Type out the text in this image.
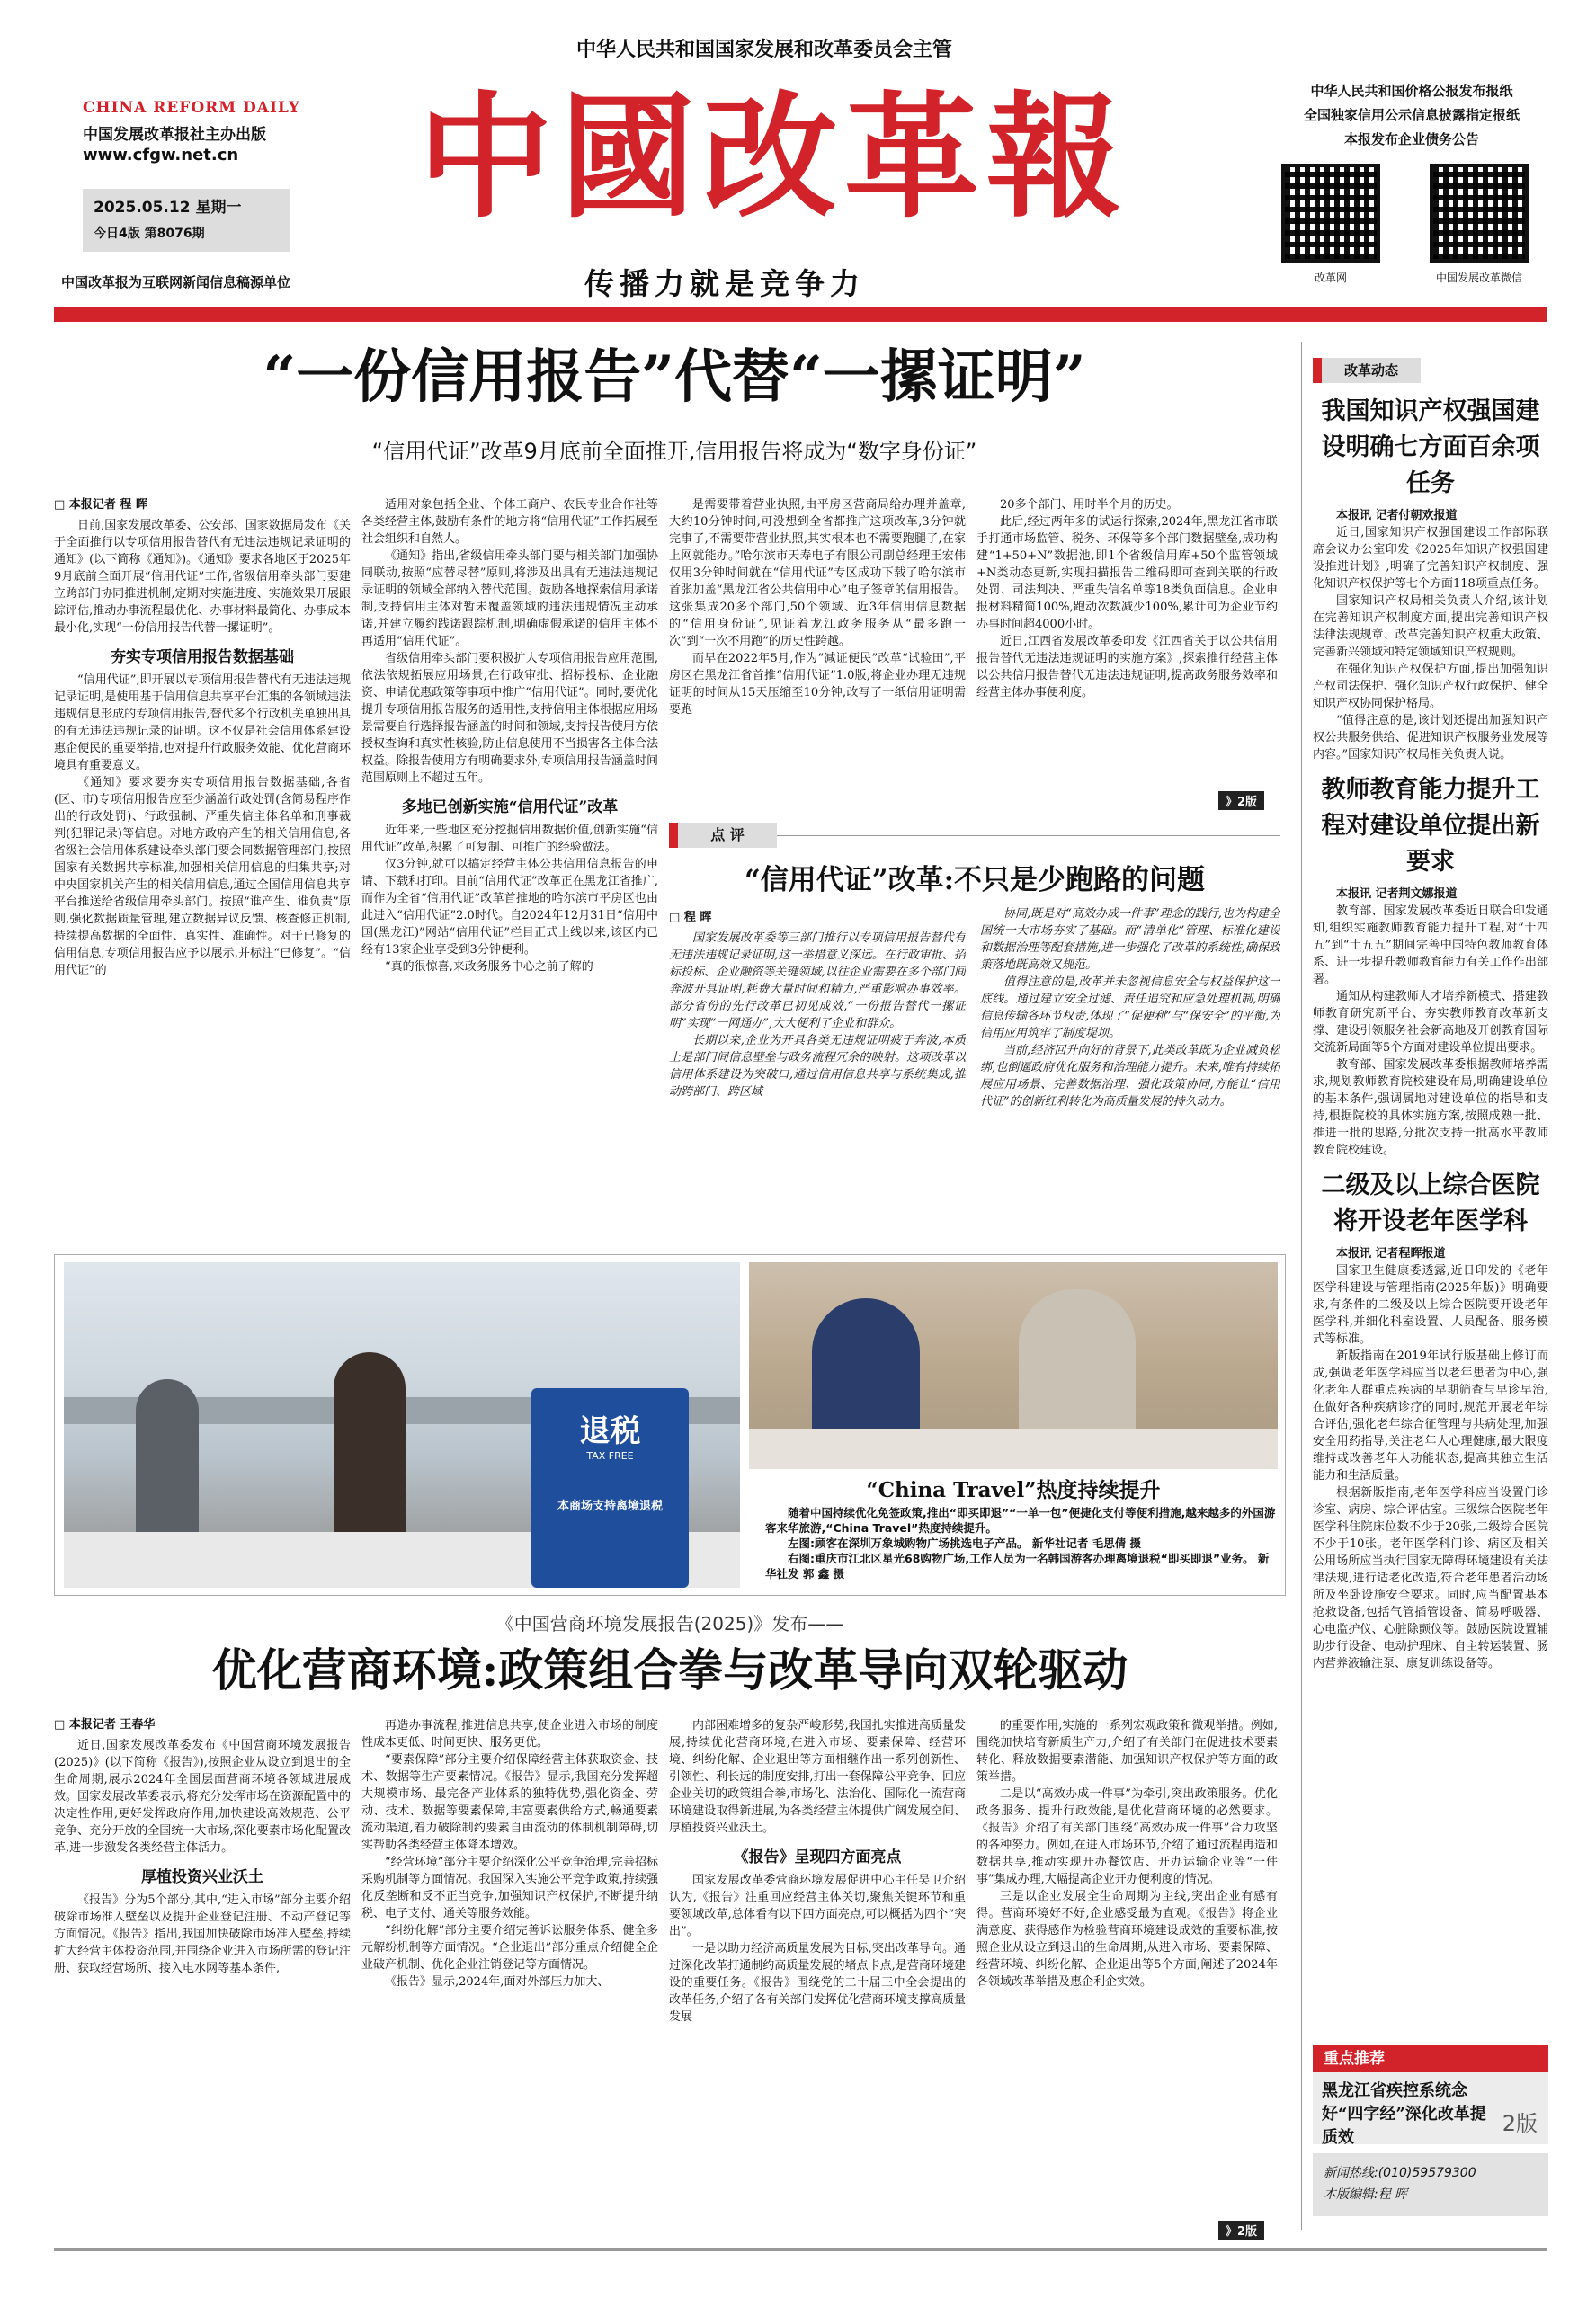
中华人民共和国国家发展和改革委员会主管
CHINA REFORM DAILY
中国发展改革报社主办出版
www.cfgw.net.cn
2025.05.12 星期一
今日4版 第8076期
中国改革报为互联网新闻信息稿源单位
中國改革報
传播力就是竞争力
中华人民共和国价格公报发布报纸
全国独家信用公示信息披露指定报纸
本报发布企业债务公告
改革网	中国发展改革微信
“一份信用报告”代替“一摞证明”
“信用代证”改革9月底前全面推开,信用报告将成为“数字身份证”
□ 本报记者 程 晖

日前,国家发展改革委、公安部、国家数据局发布《关于全面推行以专项信用报告替代有无违法违规记录证明的通知》(以下简称《通知》)。《通知》要求各地区于2025年9月底前全面开展“信用代证”工作,省级信用牵头部门要建立跨部门协同推进机制,定期对实施进度、实施效果开展跟踪评估,推动办事流程最优化、办事材料最简化、办事成本最小化,实现“一份信用报告代替一摞证明”。

夯实专项信用报告数据基础

“信用代证”,即开展以专项信用报告替代有无违法违规记录证明,是使用基于信用信息共享平台汇集的各领域违法违规信息形成的专项信用报告,替代多个行政机关单独出具的有无违法违规记录的证明。这不仅是社会信用体系建设惠企便民的重要举措,也对提升行政服务效能、优化营商环境具有重要意义。

《通知》要求要夯实专项信用报告数据基础,各省(区、市)专项信用报告应至少涵盖行政处罚(含简易程序作出的行政处罚)、行政强制、严重失信主体名单和刑事裁判(犯罪记录)等信息。对地方政府产生的相关信用信息,各省级社会信用体系建设牵头部门要会同数据管理部门,按照国家有关数据共享标准,加强相关信用信息的归集共享;对中央国家机关产生的相关信用信息,通过全国信用信息共享平台推送给省级信用牵头部门。按照“谁产生、谁负责”原则,强化数据质量管理,建立数据异议反馈、核查修正机制,持续提高数据的全面性、真实性、准确性。对于已修复的信用信息,专项信用报告应予以展示,并标注“已修复”。“信用代证”的

适用对象包括企业、个体工商户、农民专业合作社等各类经营主体,鼓励有条件的地方将“信用代证”工作拓展至社会组织和自然人。

《通知》指出,省级信用牵头部门要与相关部门加强协同联动,按照“应替尽替”原则,将涉及出具有无违法违规记录证明的领域全部纳入替代范围。鼓励各地探索信用承诺制,支持信用主体对暂未覆盖领域的违法违规情况主动承诺,并建立履约践诺跟踪机制,明确虚假承诺的信用主体不再适用“信用代证”。

省级信用牵头部门要积极扩大专项信用报告应用范围,依法依规拓展应用场景,在行政审批、招标投标、企业融资、申请优惠政策等事项中推广“信用代证”。同时,要优化提升专项信用报告服务的适用性,支持信用主体根据应用场景需要自行选择报告涵盖的时间和领域,支持报告使用方依授权查询和真实性核验,防止信息使用不当损害各主体合法权益。除报告使用方有明确要求外,专项信用报告涵盖时间范围原则上不超过五年。

多地已创新实施“信用代证”改革

近年来,一些地区充分挖掘信用数据价值,创新实施“信用代证”改革,积累了可复制、可推广的经验做法。

仅3分钟,就可以搞定经营主体公共信用信息报告的申请、下载和打印。目前“信用代证”改革正在黑龙江省推广,而作为全省“信用代证”改革首推地的哈尔滨市平房区也由此进入“信用代证”2.0时代。自2024年12月31日“信用中国(黑龙江)”网站“信用代证”栏目正式上线以来,该区内已经有13家企业享受到3分钟便利。

“真的很惊喜,来政务服务中心之前了解的

是需要带着营业执照,由平房区营商局给办理并盖章,大约10分钟时间,可没想到全省都推广这项改革,3分钟就完事了,不需要带营业执照,其实根本也不需要跑腿了,在家上网就能办。”哈尔滨市天寿电子有限公司副总经理王宏伟仅用3分钟时间就在“信用代证”专区成功下载了哈尔滨市首张加盖“黑龙江省公共信用中心”电子签章的信用报告。这张集成20多个部门,50个领域、近3年信用信息数据的“信用身份证”,见证着龙江政务服务从“最多跑一次”到“一次不用跑”的历史性跨越。

而早在2022年5月,作为“减证便民”改革“试验田”,平房区在黑龙江省首推“信用代证”1.0版,将企业办理无违规证明的时间从15天压缩至10分钟,改写了一纸信用证明需要跑

20多个部门、用时半个月的历史。

此后,经过两年多的试运行探索,2024年,黑龙江省市联手打通市场监管、税务、环保等多个部门数据壁垒,成功构建“1+50+N”数据池,即1个省级信用库+50个监管领域+N类动态更新,实现扫描报告二维码即可查到关联的行政处罚、司法判决、严重失信名单等18类负面信息。企业申报材料精简100%,跑动次数减少100%,累计可为企业节约办事时间超4000小时。

近日,江西省发展改革委印发《江西省关于以公共信用报告替代无违法违规证明的实施方案》,探索推行经营主体以公共信用报告替代无违法违规证明,提高政务服务效率和经营主体办事便利度。

》2版
点 评
“信用代证”改革:不只是少跑路的问题
□ 程 晖

国家发展改革委等三部门推行以专项信用报告替代有无违法违规记录证明,这一举措意义深远。在行政审批、招标投标、企业融资等关键领域,以往企业需要在多个部门间奔波开具证明,耗费大量时间和精力,严重影响办事效率。部分省份的先行改革已初见成效,“一份报告替代一摞证明”实现“一网通办”,大大便利了企业和群众。

长期以来,企业为开具各类无违规证明疲于奔波,本质上是部门间信息壁垒与政务流程冗余的映射。这项改革以信用体系建设为突破口,通过信用信息共享与系统集成,推动跨部门、跨区域

协同,既是对“高效办成一件事”理念的践行,也为构建全国统一大市场夯实了基础。而“清单化”管理、标准化建设和数据治理等配套措施,进一步强化了改革的系统性,确保政策落地既高效又规范。

值得注意的是,改革并未忽视信息安全与权益保护这一底线。通过建立安全过滤、责任追究和应急处理机制,明确信息传输各环节权责,体现了“促便利”与“保安全”的平衡,为信用应用筑牢了制度堤坝。

当前,经济回升向好的背景下,此类改革既为企业减负松绑,也倒逼政府优化服务和治理能力提升。未来,唯有持续拓展应用场景、完善数据治理、强化政策协同,方能让“信用代证”的创新红利转化为高质量发展的持久动力。

退税
TAX FREE
本商场支持离境退税
“China Travel”热度持续提升
随着中国持续优化免签政策,推出“即买即退”“一单一包”便捷化支付等便利措施,越来越多的外国游客来华旅游,“China Travel”热度持续提升。
左图:顾客在深圳万象城购物广场挑选电子产品。 新华社记者 毛思倩 摄
右图:重庆市江北区星光68购物广场,工作人员为一名韩国游客办理离境退税“即买即退”业务。 新华社发 郭 鑫 摄
《中国营商环境发展报告(2025)》发布——
优化营商环境:政策组合拳与改革导向双轮驱动
□ 本报记者 王春华

近日,国家发展改革委发布《中国营商环境发展报告(2025)》(以下简称《报告》),按照企业从设立到退出的全生命周期,展示2024年全国层面营商环境各领域进展成效。国家发展改革委表示,将充分发挥市场在资源配置中的决定性作用,更好发挥政府作用,加快建设高效规范、公平竞争、充分开放的全国统一大市场,深化要素市场化配置改革,进一步激发各类经营主体活力。

厚植投资兴业沃土

《报告》分为5个部分,其中,“进入市场”部分主要介绍破除市场准入壁垒以及提升企业登记注册、不动产登记等方面情况。《报告》指出,我国加快破除市场准入壁垒,持续扩大经营主体投资范围,并围绕企业进入市场所需的登记注册、获取经营场所、接入电水网等基本条件,

再造办事流程,推进信息共享,使企业进入市场的制度性成本更低、时间更快、服务更优。

“要素保障”部分主要介绍保障经营主体获取资金、技术、数据等生产要素情况。《报告》显示,我国充分发挥超大规模市场、最完备产业体系的独特优势,强化资金、劳动、技术、数据等要素保障,丰富要素供给方式,畅通要素流动渠道,着力破除制约要素自由流动的体制机制障碍,切实帮助各类经营主体降本增效。

“经营环境”部分主要介绍深化公平竞争治理,完善招标采购机制等方面情况。我国深入实施公平竞争政策,持续强化反垄断和反不正当竞争,加强知识产权保护,不断提升纳税、电子支付、通关等服务效能。

“纠纷化解”部分主要介绍完善诉讼服务体系、健全多元解纷机制等方面情况。“企业退出”部分重点介绍健全企业破产机制、优化企业注销登记等方面情况。

《报告》显示,2024年,面对外部压力加大、

内部困难增多的复杂严峻形势,我国扎实推进高质量发展,持续优化营商环境,在进入市场、要素保障、经营环境、纠纷化解、企业退出等方面相继作出一系列创新性、引领性、利长远的制度安排,打出一套保障公平竞争、回应企业关切的政策组合拳,市场化、法治化、国际化一流营商环境建设取得新进展,为各类经营主体提供广阔发展空间、厚植投资兴业沃土。

《报告》呈现四方面亮点

国家发展改革委营商环境发展促进中心主任吴卫介绍认为,《报告》注重回应经营主体关切,聚焦关键环节和重要领域改革,总体看有以下四方面亮点,可以概括为四个“突出”。

一是以助力经济高质量发展为目标,突出改革导向。通过深化改革打通制约高质量发展的堵点卡点,是营商环境建设的重要任务。《报告》围绕党的二十届三中全会提出的改革任务,介绍了各有关部门发挥优化营商环境支撑高质量发展

的重要作用,实施的一系列宏观政策和微观举措。例如,围绕加快培育新质生产力,介绍了有关部门在促进技术要素转化、释放数据要素潜能、加强知识产权保护等方面的政策举措。

二是以“高效办成一件事”为牵引,突出政策服务。优化政务服务、提升行政效能,是优化营商环境的必然要求。《报告》介绍了有关部门围绕“高效办成一件事”合力攻坚的各种努力。例如,在进入市场环节,介绍了通过流程再造和数据共享,推动实现开办餐饮店、开办运输企业等“一件事”集成办理,大幅提高企业开办便利度的情况。

三是以企业发展全生命周期为主线,突出企业有感有得。营商环境好不好,企业感受最为直观。《报告》将企业满意度、获得感作为检验营商环境建设成效的重要标准,按照企业从设立到退出的生命周期,从进入市场、要素保障、经营环境、纠纷化解、企业退出等5个方面,阐述了2024年各领域改革举措及惠企利企实效。

》2版
改革动态
我国知识产权强国建设明确七方面百余项任务

本报讯 记者付朝欢报道

近日,国家知识产权强国建设工作部际联席会议办公室印发《2025年知识产权强国建设推进计划》,明确了完善知识产权制度、强化知识产权保护等七个方面118项重点任务。

国家知识产权局相关负责人介绍,该计划在完善知识产权制度方面,提出完善知识产权法律法规规章、改革完善知识产权重大政策、完善新兴领域和特定领域知识产权规则。

在强化知识产权保护方面,提出加强知识产权司法保护、强化知识产权行政保护、健全知识产权协同保护格局。

“值得注意的是,该计划还提出加强知识产权公共服务供给、促进知识产权服务业发展等内容。”国家知识产权局相关负责人说。

教师教育能力提升工程对建设单位提出新要求

本报讯 记者荆文娜报道

教育部、国家发展改革委近日联合印发通知,组织实施教师教育能力提升工程,对“十四五”到“十五五”期间完善中国特色教师教育体系、进一步提升教师教育能力有关工作作出部署。

通知从构建教师人才培养新模式、搭建教师教育研究新平台、夯实教师教育改革新支撑、建设引领服务社会新高地及开创教育国际交流新局面等5个方面对建设单位提出要求。

教育部、国家发展改革委根据教师培养需求,规划教师教育院校建设布局,明确建设单位的基本条件,强调属地对建设单位的指导和支持,根据院校的具体实施方案,按照成熟一批、推进一批的思路,分批次支持一批高水平教师教育院校建设。

二级及以上综合医院将开设老年医学科

本报讯 记者程晖报道

国家卫生健康委透露,近日印发的《老年医学科建设与管理指南(2025年版)》明确要求,有条件的二级及以上综合医院要开设老年医学科,并细化科室设置、人员配备、服务模式等标准。

新版指南在2019年试行版基础上修订而成,强调老年医学科应当以老年患者为中心,强化老年人群重点疾病的早期筛查与早诊早治,在做好各种疾病诊疗的同时,规范开展老年综合评估,强化老年综合征管理与共病处理,加强安全用药指导,关注老年人心理健康,最大限度维持或改善老年人功能状态,提高其独立生活能力和生活质量。

根据新版指南,老年医学科应当设置门诊诊室、病房、综合评估室。三级综合医院老年医学科住院床位数不少于20张,二级综合医院不少于10张。老年医学科门诊、病区及相关公用场所应当执行国家无障碍环境建设有关法律法规,进行适老化改造,符合老年患者活动场所及坐卧设施安全要求。同时,应当配置基本抢救设备,包括气管插管设备、简易呼吸器、心电监护仪、心脏除颤仪等。鼓励医院设置辅助步行设备、电动护理床、自主转运装置、肠内营养液输注泵、康复训练设备等。

重点推荐
黑龙江省疾控系统念好“四字经”深化改革提质效
2版
新闻热线:(010)59579300
本版编辑:程 晖
